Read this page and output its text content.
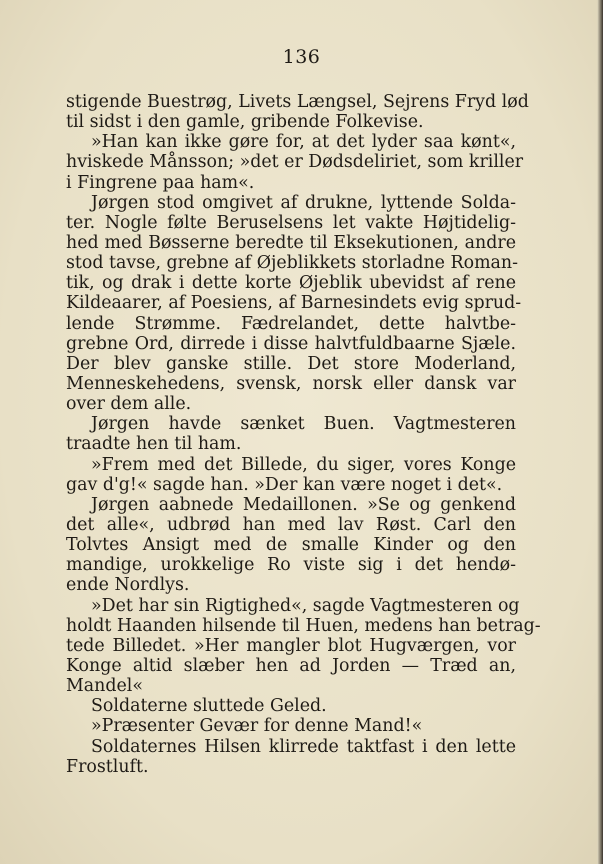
136
stigende Buestrøg, Livets Længsel, Sejrens Fryd lød
til sidst i den gamle, gribende Folkevise.
»Han kan ikke gøre for, at det lyder saa kønt«,
hviskede Månsson; »det er Dødsdeliriet, som kriller
i Fingrene paa ham«.
Jørgen stod omgivet af drukne, lyttende Solda-
ter. Nogle følte Beruselsens let vakte Højtidelig-
hed med Bøsserne beredte til Eksekutionen, andre
stod tavse, grebne af Øjeblikkets storladne Roman-
tik, og drak i dette korte Øjeblik ubevidst af rene
Kildeaarer, af Poesiens, af Barnesindets evig sprud-
lende Strømme. Fædrelandet, dette halvtbe-
grebne Ord, dirrede i disse halvtfuldbaarne Sjæle.
Der blev ganske stille. Det store Moderland,
Menneskehedens, svensk, norsk eller dansk var
over dem alle.
Jørgen havde sænket Buen. Vagtmesteren
traadte hen til ham.
»Frem med det Billede, du siger, vores Konge
gav d'g!« sagde han. »Der kan være noget i det«.
Jørgen aabnede Medaillonen. »Se og genkend
det alle«, udbrød han med lav Røst. Carl den
Tolvtes Ansigt med de smalle Kinder og den
mandige, urokkelige Ro viste sig i det hendø-
ende Nordlys.
»Det har sin Rigtighed«, sagde Vagtmesteren og
holdt Haanden hilsende til Huen, medens han betrag-
tede Billedet. »Her mangler blot Hugværgen, vor
Konge altid slæber hen ad Jorden — Træd an,
Mandel«
Soldaterne sluttede Geled.
»Præsenter Gevær for denne Mand!«
Soldaternes Hilsen klirrede taktfast i den lette
Frostluft.
